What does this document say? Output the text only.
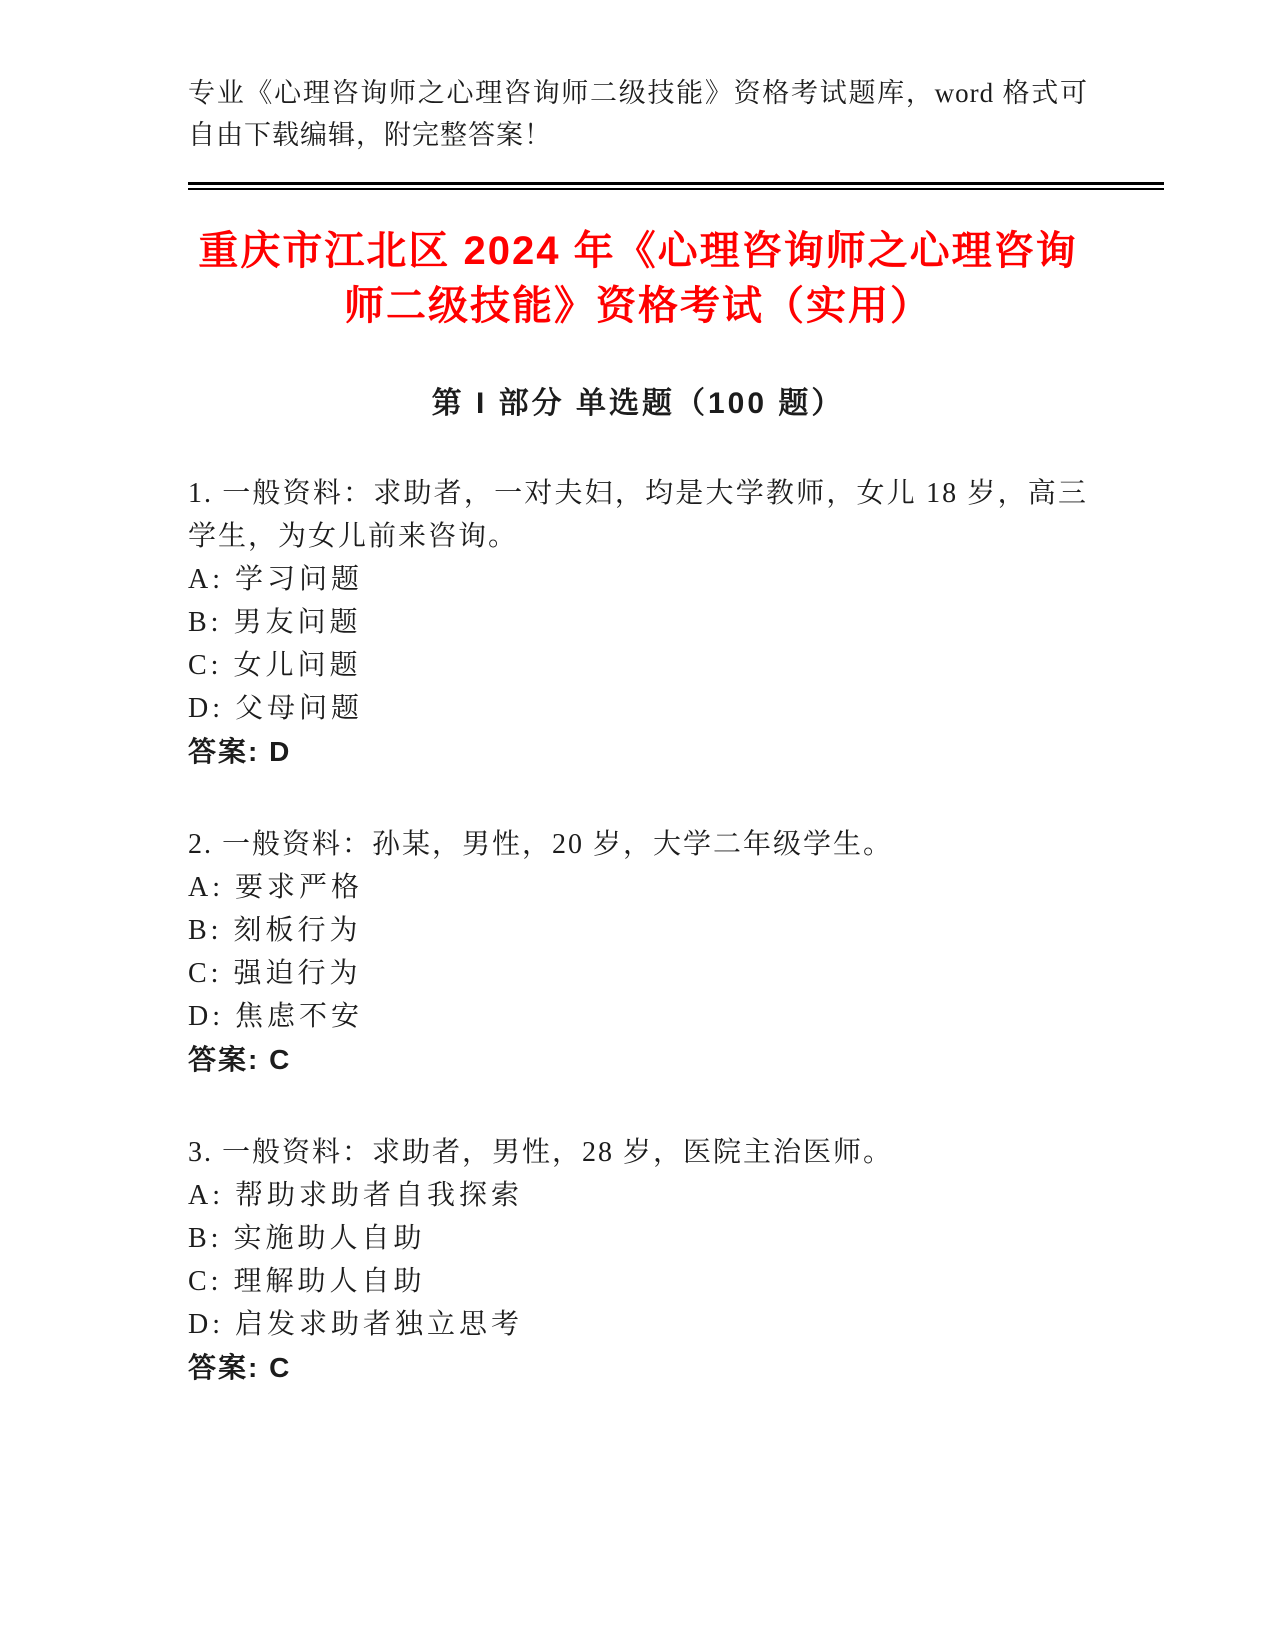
专业《心理咨询师之心理咨询师二级技能》资格考试题库，word 格式可自由下载编辑，附完整答案！

重庆市江北区 2024 年《心理咨询师之心理咨询师二级技能》资格考试（实用）
第 I 部分 单选题（100 题）

1. 一般资料：求助者，一对夫妇，均是大学教师，女儿 18 岁，高三学生，为女儿前来咨询。

A: 学习问题

B: 男友问题

C: 女儿问题

D: 父母问题

答案: D

2. 一般资料：孙某，男性，20 岁，大学二年级学生。

A: 要求严格

B: 刻板行为

C: 强迫行为

D: 焦虑不安

答案: C

3. 一般资料：求助者，男性，28 岁，医院主治医师。

A: 帮助求助者自我探索

B: 实施助人自助

C: 理解助人自助

D: 启发求助者独立思考

答案: C
